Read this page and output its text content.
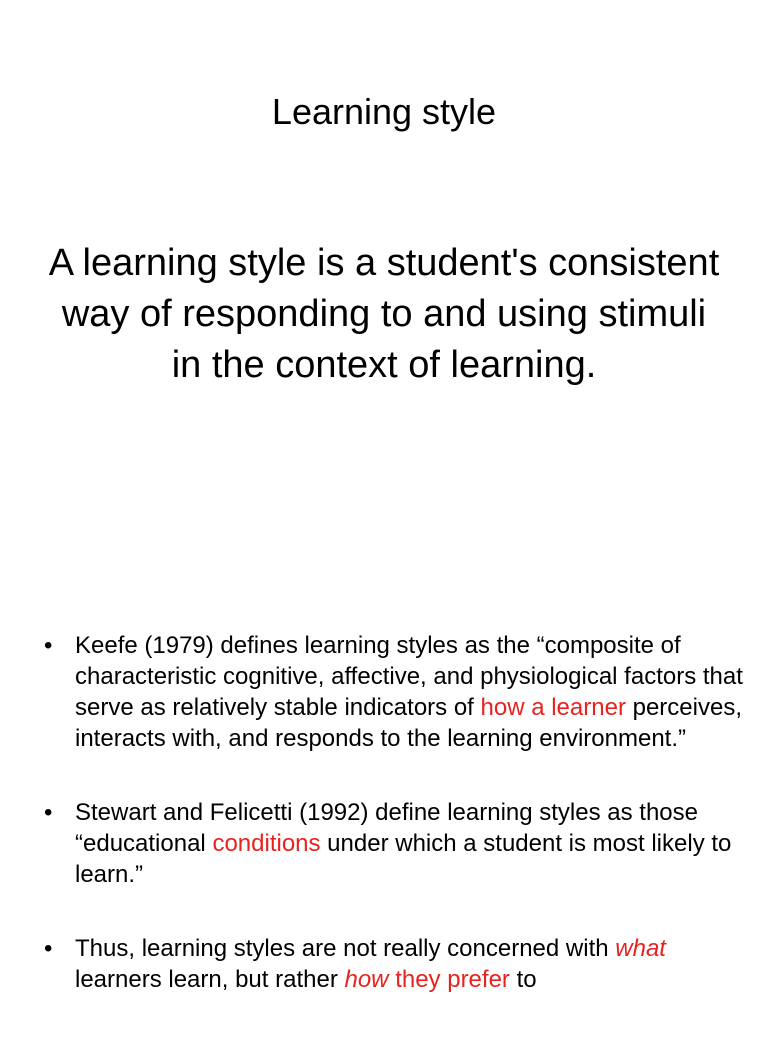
Learning style
A learning style is a student's consistent way of responding to and using stimuli in the context of learning.
• Keefe (1979) defines learning styles as the “composite of characteristic cognitive, affective, and physiological factors that serve as relatively stable indicators of how a learner perceives, interacts with, and responds to the learning environment.”
• Stewart and Felicetti (1992) define learning styles as those “educational conditions under which a student is most likely to learn.”
• Thus, learning styles are not really concerned with what learners learn, but rather how they prefer to
